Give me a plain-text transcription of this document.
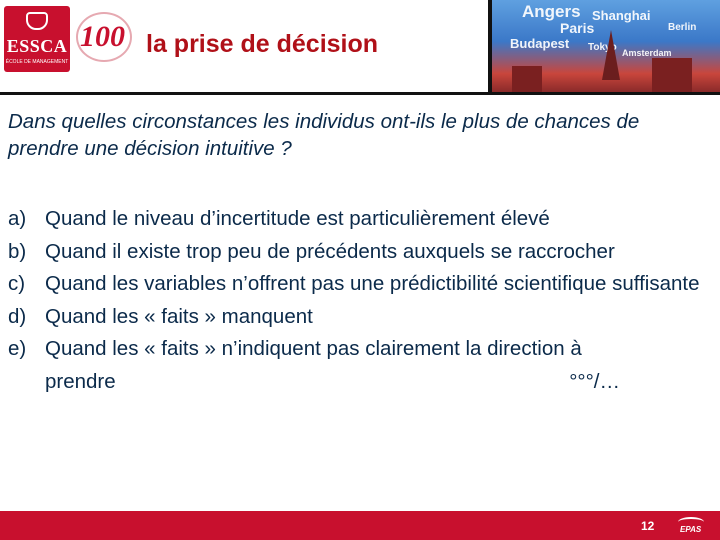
ESSCA
ÉCOLE DE MANAGEMENT
100 la prise de décision
Angers Shanghai
Paris
Budapest Tokyo Amsterdam
Berlin

Dans quelles circonstances les individus ont-ils le plus de chances de prendre une décision intuitive ?

a) Quand le niveau d’incertitude est particulièrement élevé
b) Quand il existe trop peu de précédents auxquels se raccrocher
c) Quand les variables n’offrent pas une prédictibilité scientifique suffisante
d) Quand les « faits » manquent
e) Quand les « faits » n’indiquent pas clairement la direction à
prendre	°°°/…
12	EPAS
